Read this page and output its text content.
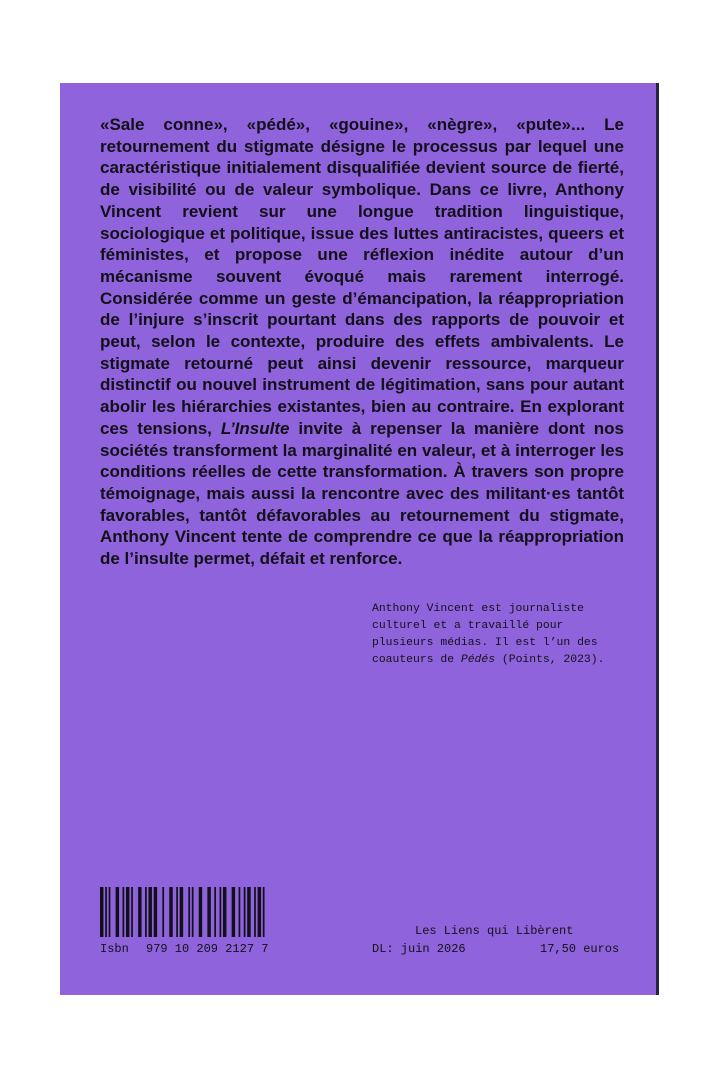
«Sale conne», «pédé», «gouine», «nègre», «pute»... Le retournement du stigmate désigne le processus par lequel une caractéristique initialement disqualifiée devient source de fierté, de visibilité ou de valeur symbolique. Dans ce livre, Anthony Vincent revient sur une longue tradition linguistique, sociologique et politique, issue des luttes antiracistes, queers et féministes, et propose une réflexion inédite autour d’un mécanisme souvent évoqué mais rarement interrogé. Considérée comme un geste d’émancipation, la réappropriation de l’injure s’inscrit pourtant dans des rapports de pouvoir et peut, selon le contexte, produire des effets ambivalents. Le stigmate retourné peut ainsi devenir ressource, marqueur distinctif ou nouvel instrument de légitimation, sans pour autant abolir les hiérarchies existantes, bien au contraire. En explorant ces tensions, L’Insulte invite à repenser la manière dont nos sociétés transforment la marginalité en valeur, et à interroger les conditions réelles de cette transformation. À travers son propre témoignage, mais aussi la rencontre avec des militant·es tantôt favorables, tantôt défavorables au retournement du stigmate, Anthony Vincent tente de comprendre ce que la réappropriation de l’insulte permet, défait et renforce.

Anthony Vincent est journaliste culturel et a travaillé pour plusieurs médias. Il est l’un des coauteurs de Pédés (Points, 2023).

Isbn 979 10 209 2127 7
Les Liens qui Libèrent
DL: juin 2026	17,50 euros
